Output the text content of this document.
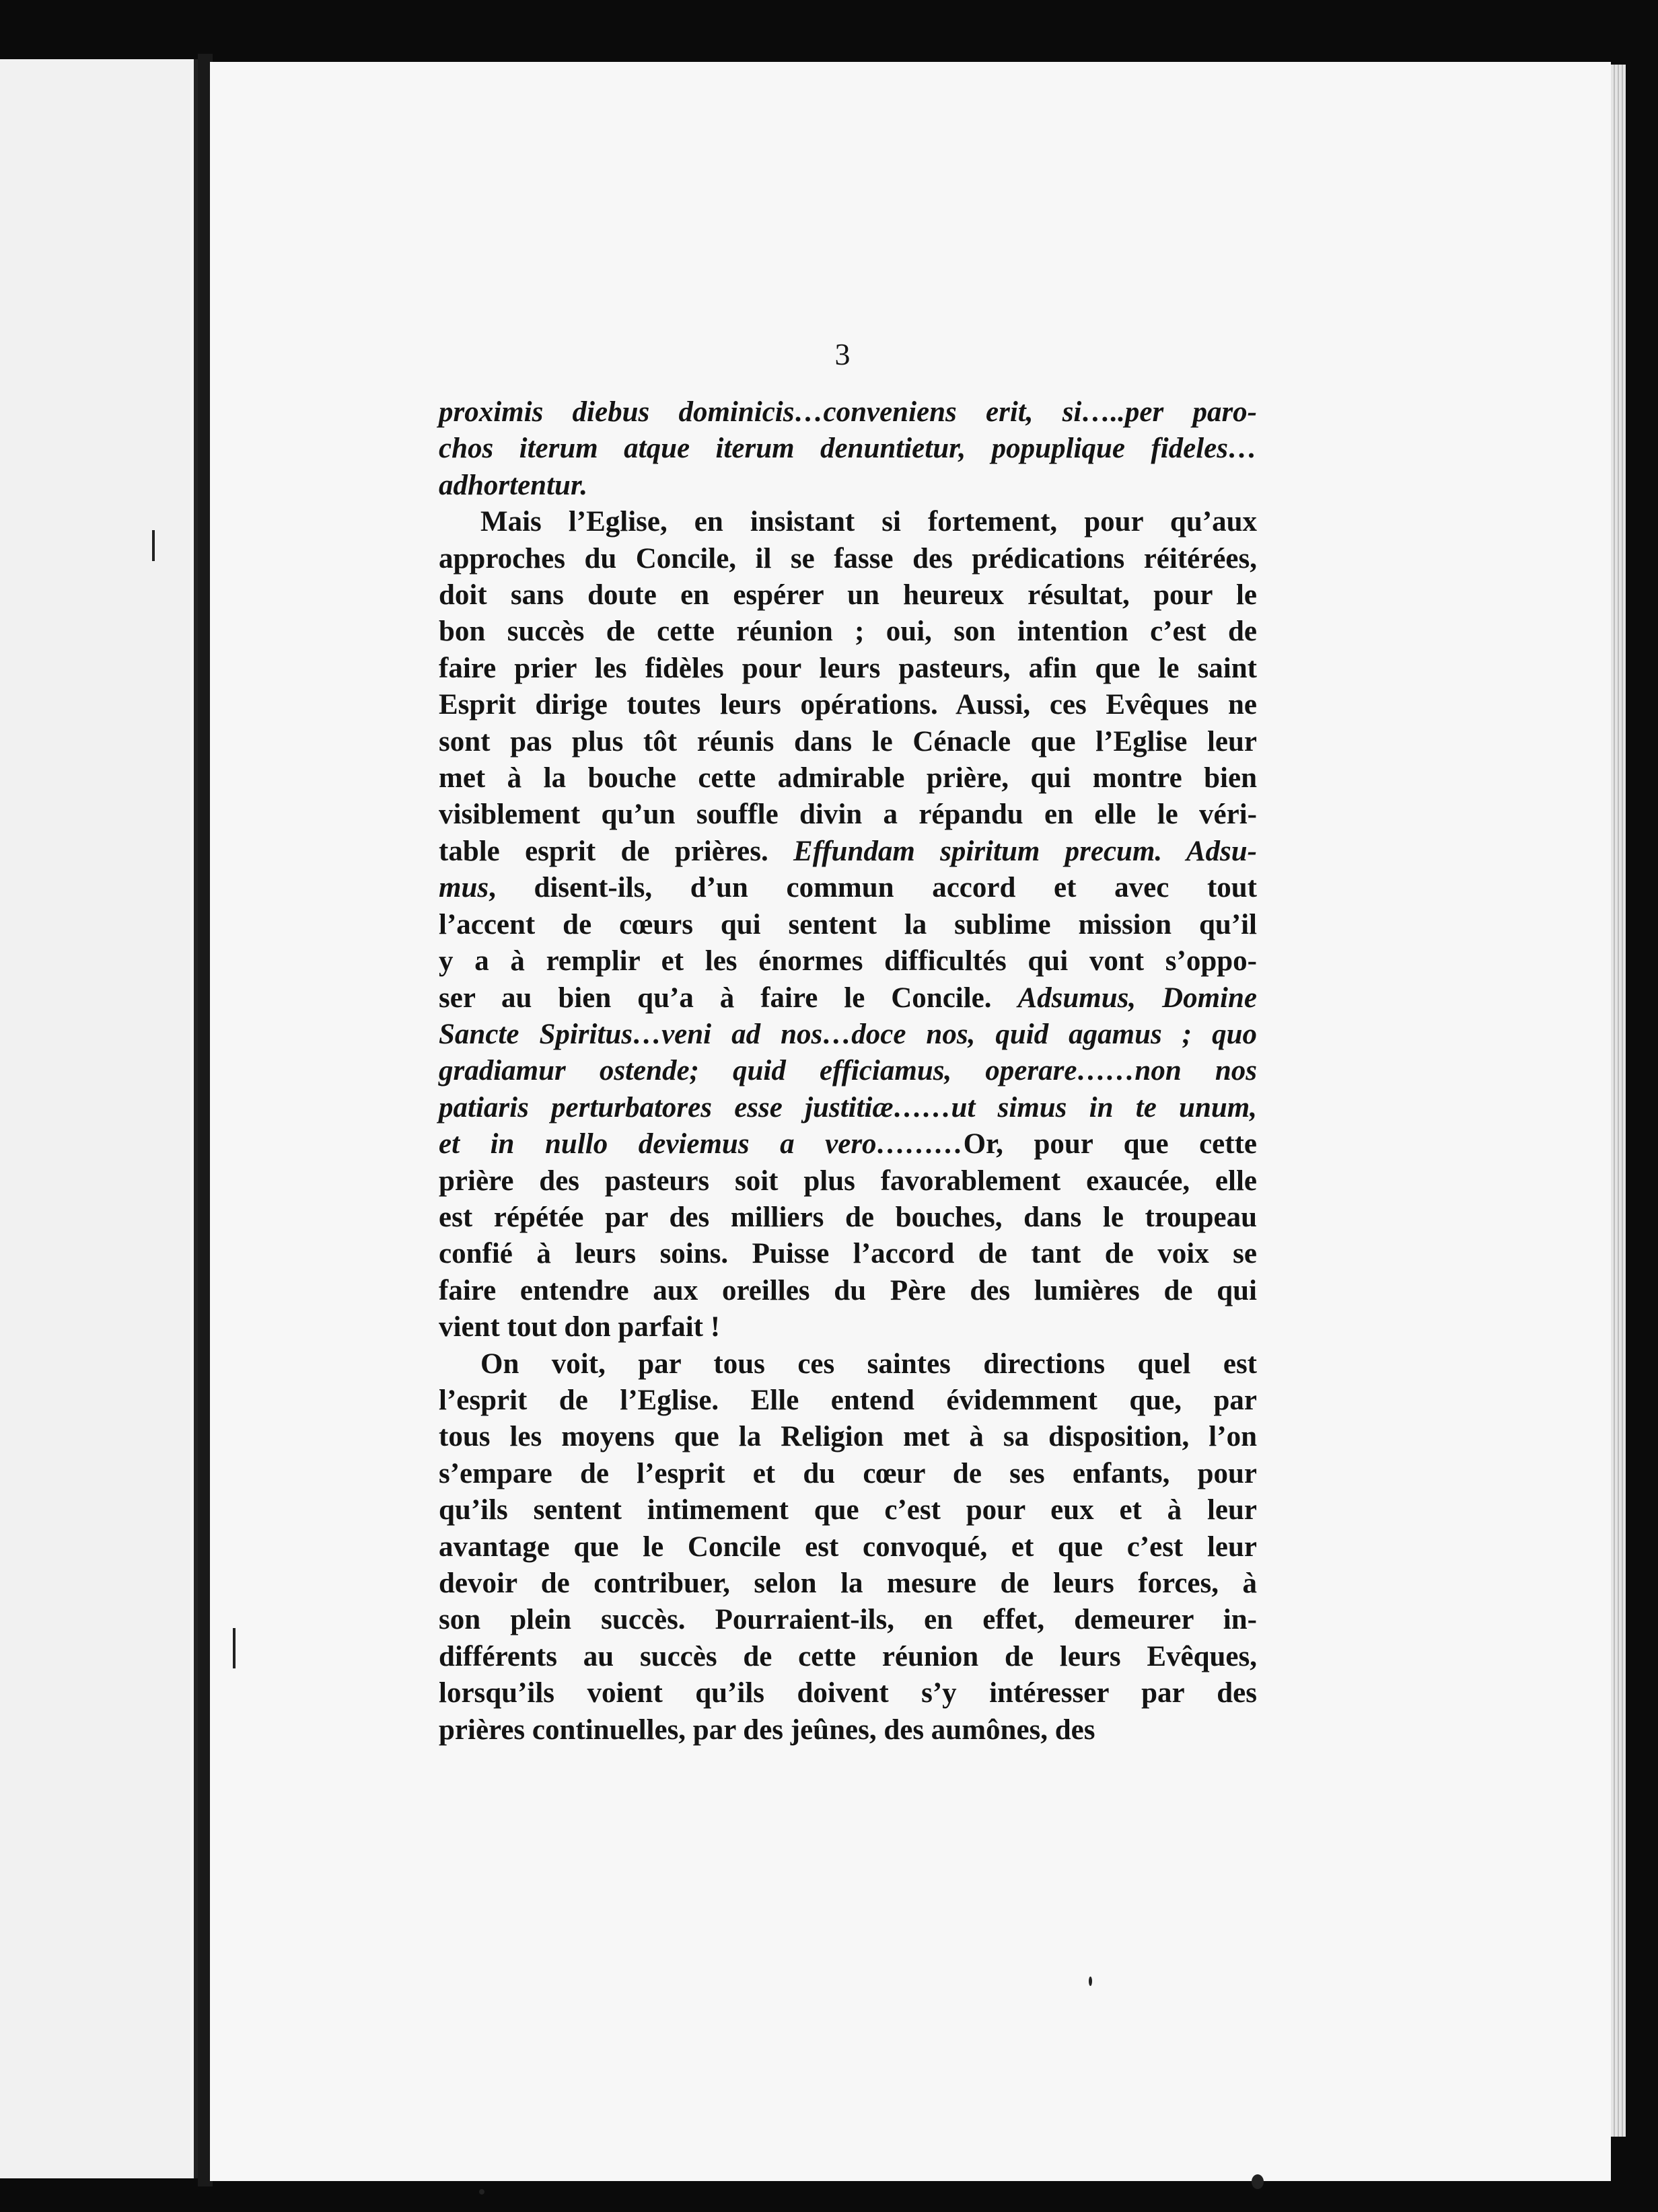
3
proximis diebus dominicis…conveniens erit, si…..per paro-
chos iterum atque iterum denuntietur, popuplique fideles…
adhortentur.
Mais l’Eglise, en insistant si fortement, pour qu’aux
approches du Concile, il se fasse des prédications réitérées,
doit sans doute en espérer un heureux résultat, pour le
bon succès de cette réunion ; oui, son intention c’est de
faire prier les fidèles pour leurs pasteurs, afin que le saint
Esprit dirige toutes leurs opérations. Aussi, ces Evêques ne
sont pas plus tôt réunis dans le Cénacle que l’Eglise leur
met à la bouche cette admirable prière, qui montre bien
visiblement qu’un souffle divin a répandu en elle le véri-
table esprit de prières. Effundam spiritum precum. Adsu-
mus, disent-ils, d’un commun accord et avec tout
l’accent de cœurs qui sentent la sublime mission qu’il
y a à remplir et les énormes difficultés qui vont s’oppo-
ser au bien qu’a à faire le Concile. Adsumus, Domine
Sancte Spiritus…veni ad nos…doce nos, quid agamus ; quo
gradiamur ostende; quid efficiamus, operare……non nos
patiaris perturbatores esse justitiæ……ut simus in te unum,
et in nullo deviemus a vero………Or, pour que cette
prière des pasteurs soit plus favorablement exaucée, elle
est répétée par des milliers de bouches, dans le troupeau
confié à leurs soins. Puisse l’accord de tant de voix se
faire entendre aux oreilles du Père des lumières de qui
vient tout don parfait !
On voit, par tous ces saintes directions quel est
l’esprit de l’Eglise. Elle entend évidemment que, par
tous les moyens que la Religion met à sa disposition, l’on
s’empare de l’esprit et du cœur de ses enfants, pour
qu’ils sentent intimement que c’est pour eux et à leur
avantage que le Concile est convoqué, et que c’est leur
devoir de contribuer, selon la mesure de leurs forces, à
son plein succès. Pourraient-ils, en effet, demeurer in-
différents au succès de cette réunion de leurs Evêques,
lorsqu’ils voient qu’ils doivent s’y intéresser par des
prières continuelles, par des jeûnes, des aumônes, des
